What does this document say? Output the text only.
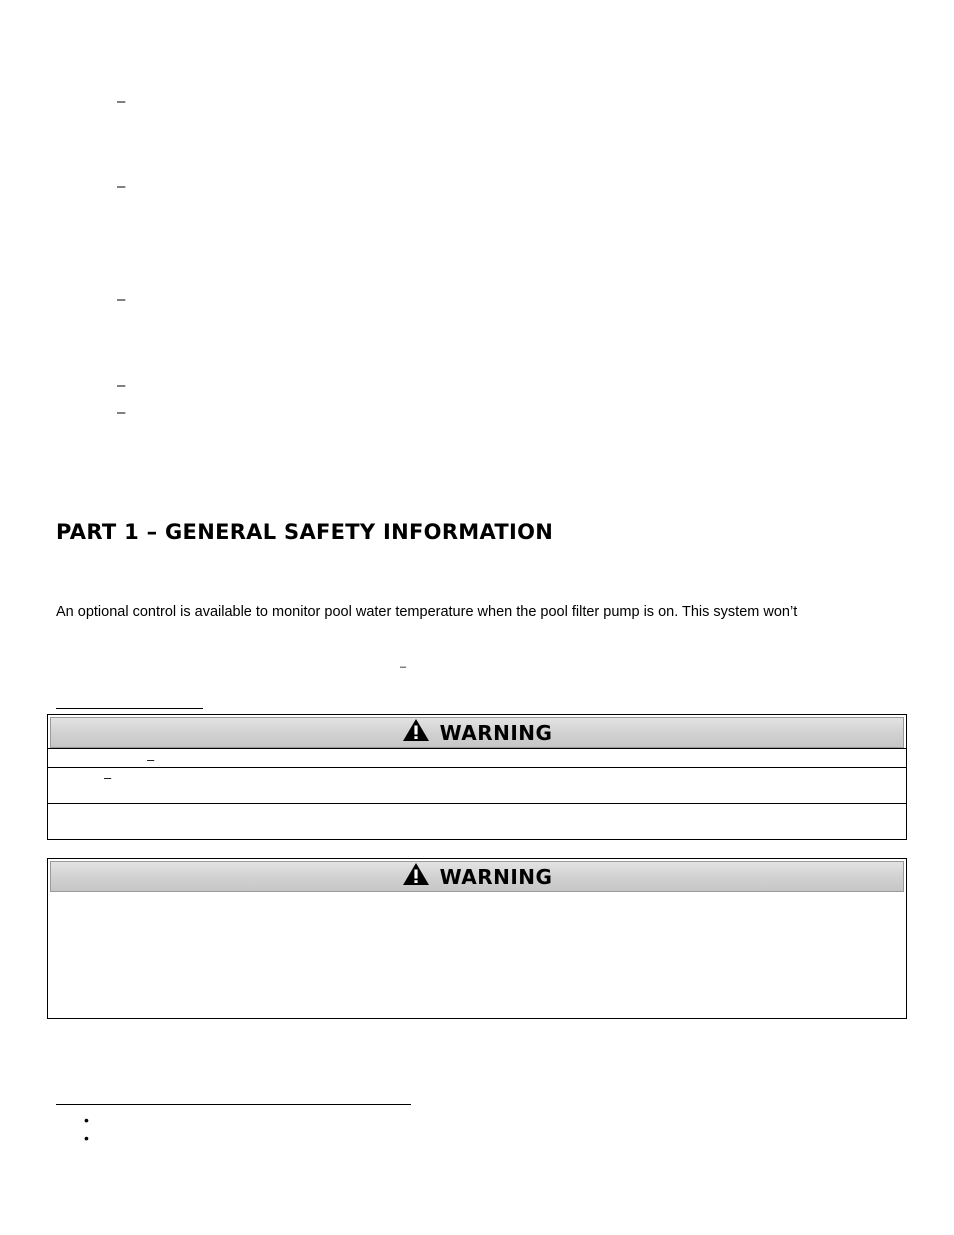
–
–
–
–
–
PART 1 – GENERAL SAFETY INFORMATION
An optional control is available to monitor pool water temperature when the pool filter pump is on. This system won’t
–
WARNING
–
–
WARNING
•
•
